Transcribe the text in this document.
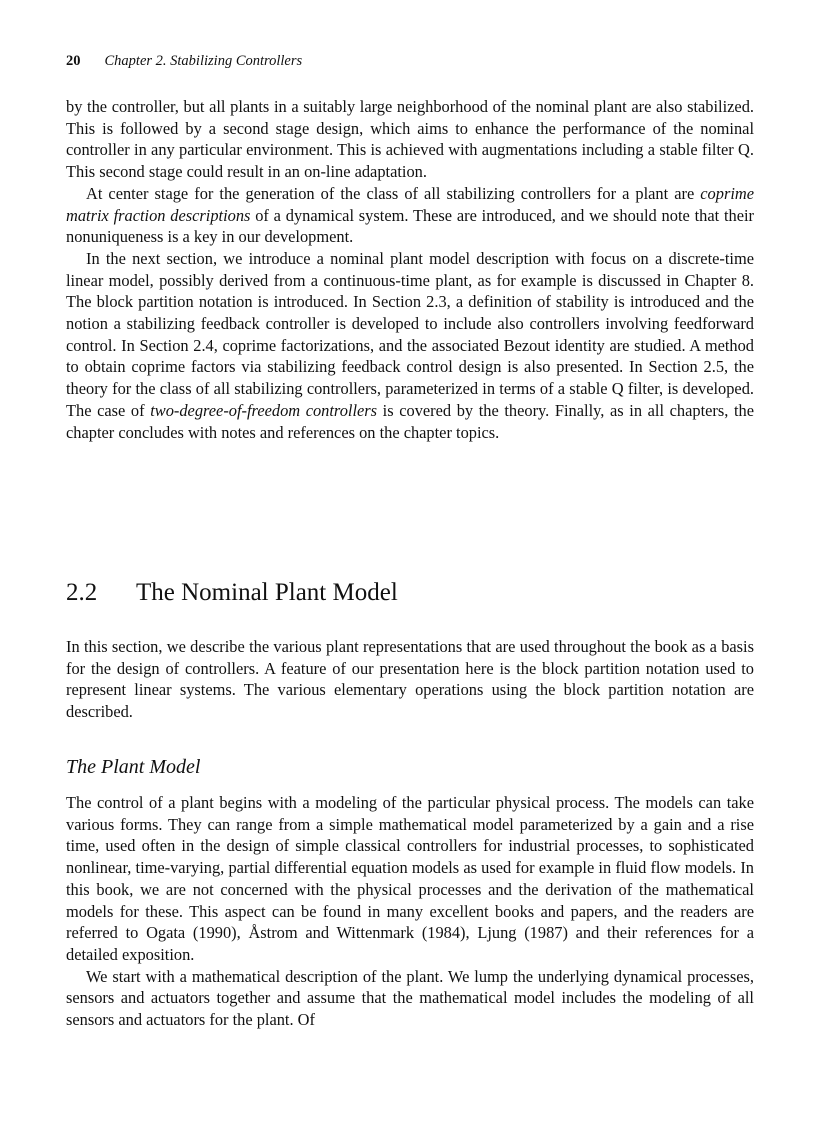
20 Chapter 2. Stabilizing Controllers

by the controller, but all plants in a suitably large neighborhood of the nominal plant are also stabilized. This is followed by a second stage design, which aims to enhance the performance of the nominal controller in any particular environment. This is achieved with augmentations including a stable filter Q. This second stage could result in an on-line adaptation.

At center stage for the generation of the class of all stabilizing controllers for a plant are coprime matrix fraction descriptions of a dynamical system. These are introduced, and we should note that their nonuniqueness is a key in our development.

In the next section, we introduce a nominal plant model description with focus on a discrete-time linear model, possibly derived from a continuous-time plant, as for example is discussed in Chapter 8. The block partition notation is introduced. In Section 2.3, a definition of stability is introduced and the notion a stabilizing feedback controller is developed to include also controllers involving feedforward control. In Section 2.4, coprime factorizations, and the associated Bezout identity are studied. A method to obtain coprime factors via stabilizing feedback control design is also presented. In Section 2.5, the theory for the class of all stabilizing controllers, parameterized in terms of a stable Q filter, is developed. The case of two-degree-of-freedom controllers is covered by the theory. Finally, as in all chapters, the chapter concludes with notes and references on the chapter topics.

2.2 The Nominal Plant Model

In this section, we describe the various plant representations that are used throughout the book as a basis for the design of controllers. A feature of our presentation here is the block partition notation used to represent linear systems. The various elementary operations using the block partition notation are described.

The Plant Model

The control of a plant begins with a modeling of the particular physical process. The models can take various forms. They can range from a simple mathematical model parameterized by a gain and a rise time, used often in the design of simple classical controllers for industrial processes, to sophisticated nonlinear, time-varying, partial differential equation models as used for example in fluid flow models. In this book, we are not concerned with the physical processes and the derivation of the mathematical models for these. This aspect can be found in many excellent books and papers, and the readers are referred to Ogata (1990), Åstrom and Wittenmark (1984), Ljung (1987) and their references for a detailed exposition.

We start with a mathematical description of the plant. We lump the underlying dynamical processes, sensors and actuators together and assume that the mathematical model includes the modeling of all sensors and actuators for the plant. Of
